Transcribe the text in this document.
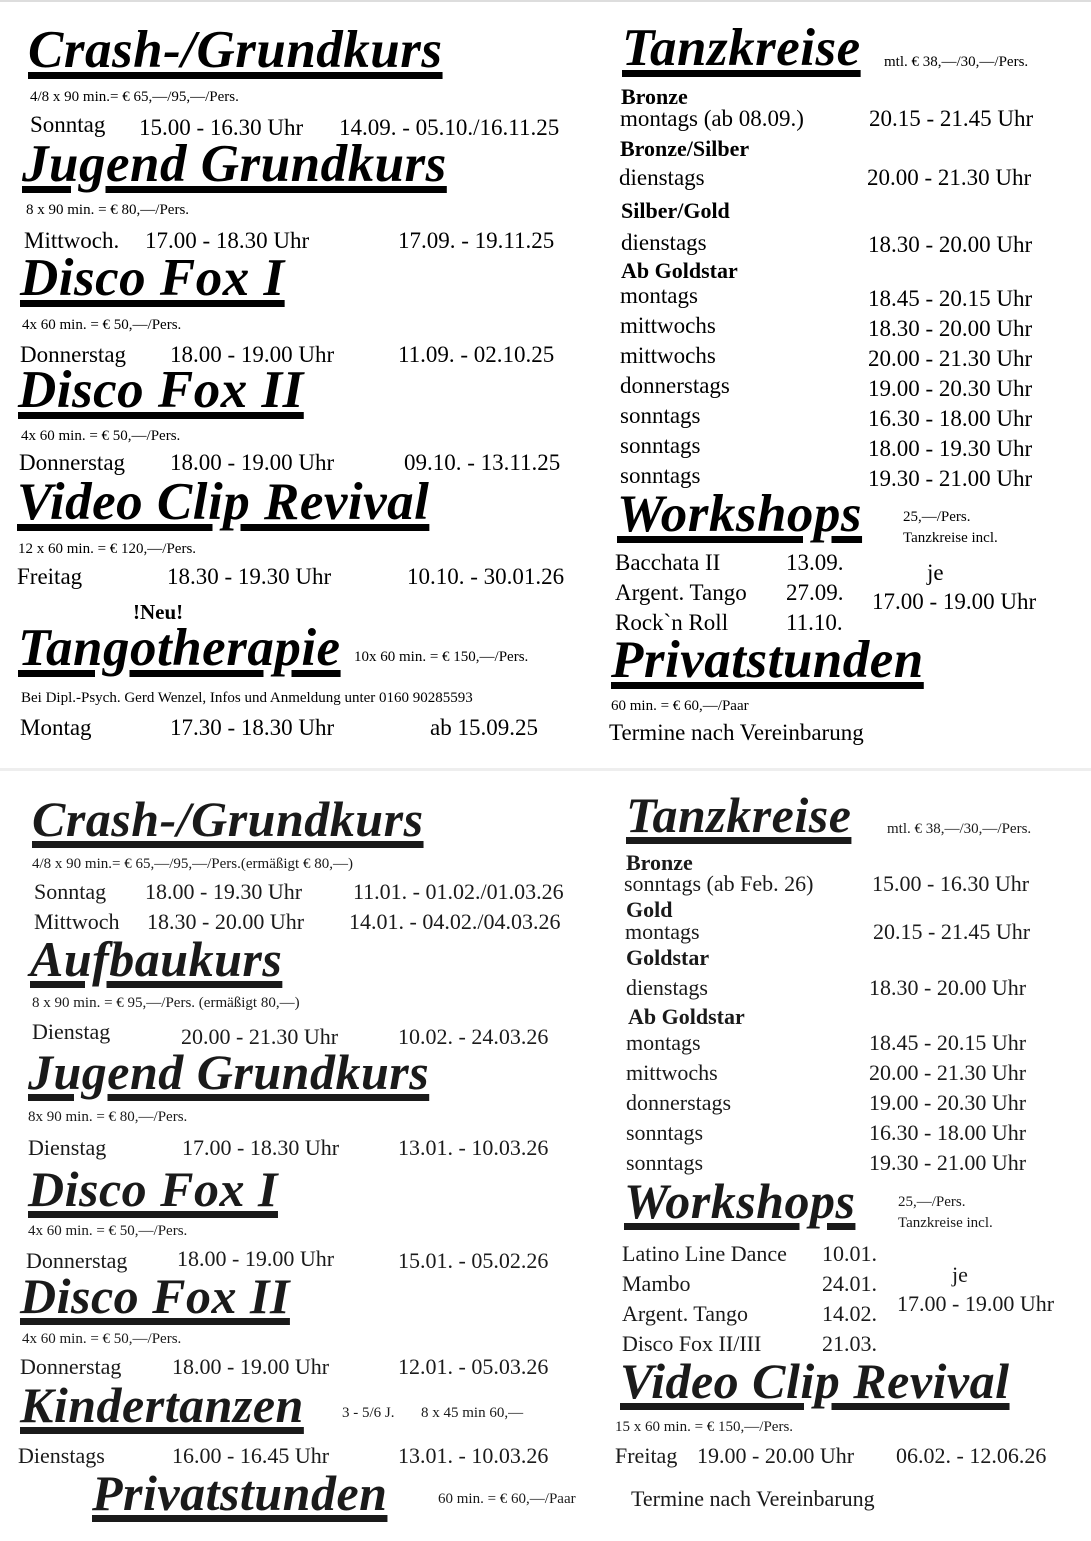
Crash-/Grundkurs
4/8 x 90 min.= € 65,—/95,—/Pers.
Sonntag 15.00 - 16.30 Uhr 14.09. - 05.10./16.11.25
Jugend Grundkurs
8 x 90 min. = € 80,—/Pers.
Mittwoch. 17.00 - 18.30 Uhr	17.09. - 19.11.25
Disco Fox I
4x 60 min. = € 50,—/Pers.
Donnerstag 18.00 - 19.00 Uhr	11.09. - 02.10.25
Disco Fox II
4x 60 min. = € 50,—/Pers.
Donnerstag 18.00 - 19.00 Uhr	09.10. - 13.11.25
Video Clip Revival
12 x 60 min. = € 120,—/Pers.
Freitag	18.30 - 19.30 Uhr	10.10. - 30.01.26
!Neu!
Tangotherapie 10x 60 min. = € 150,—/Pers.
Bei Dipl.-Psych. Gerd Wenzel, Infos und Anmeldung unter 0160 90285593
Montag	17.30 - 18.30 Uhr	ab 15.09.25
Tanzkreise mtl. € 38,—/30,—/Pers.
Bronze
montags (ab 08.09.)	20.15 - 21.45 Uhr
Bronze/Silber
dienstags	20.00 - 21.30 Uhr
Silber/Gold
dienstags	18.30 - 20.00 Uhr
Ab Goldstar
montags	18.45 - 20.15 Uhr
mittwochs	18.30 - 20.00 Uhr
mittwochs	20.00 - 21.30 Uhr
donnerstags	19.00 - 20.30 Uhr
sonntags	16.30 - 18.00 Uhr
sonntags	18.00 - 19.30 Uhr
sonntags	19.30 - 21.00 Uhr
Workshops	25,—/Pers.
Tanzkreise incl.
Bacchata II	13.09.
Argent. Tango 27.09.
Rock`n Roll	11.10.
je
17.00 - 19.00 Uhr
Privatstunden
60 min. = € 60,—/Paar
Termine nach Vereinbarung
Crash-/Grundkurs
4/8 x 90 min.= € 65,—/95,—/Pers.(ermäßigt € 80,—)
Sonntag 18.00 - 19.30 Uhr 11.01. - 01.02./01.03.26
Mittwoch 18.30 - 20.00 Uhr 14.01. - 04.02./04.03.26
Aufbaukurs
8 x 90 min. = € 95,—/Pers. (ermäßigt 80,—)
Dienstag	20.00 - 21.30 Uhr	10.02. - 24.03.26
Jugend Grundkurs
8x 90 min. = € 80,—/Pers.
Dienstag	17.00 - 18.30 Uhr	13.01. - 10.03.26
Disco Fox I
4x 60 min. = € 50,—/Pers.
Donnerstag 18.00 - 19.00 Uhr	15.01. - 05.02.26
Disco Fox II
4x 60 min. = € 50,—/Pers.
Donnerstag 18.00 - 19.00 Uhr	12.01. - 05.03.26
Kindertanzen	3 - 5/6 J. 8 x 45 min 60,—
Dienstags	16.00 - 16.45 Uhr	13.01. - 10.03.26
Privatstunden	60 min. = € 60,—/Paar	Termine nach Vereinbarung
Tanzkreise mtl. € 38,—/30,—/Pers.
Bronze
sonntags (ab Feb. 26)	15.00 - 16.30 Uhr
Gold
montags	20.15 - 21.45 Uhr
Goldstar
dienstags	18.30 - 20.00 Uhr
Ab Goldstar
montags	18.45 - 20.15 Uhr
mittwochs	20.00 - 21.30 Uhr
donnerstags	19.00 - 20.30 Uhr
sonntags	16.30 - 18.00 Uhr
sonntags	19.30 - 21.00 Uhr
Workshops	25,—/Pers.
Tanzkreise incl.
Latino Line Dance 10.01.
Mambo	24.01.
Argent. Tango	14.02.
Disco Fox II/III	21.03.
je
17.00 - 19.00 Uhr
Video Clip Revival
15 x 60 min. = € 150,—/Pers.
Freitag 19.00 - 20.00 Uhr 06.02. - 12.06.26
